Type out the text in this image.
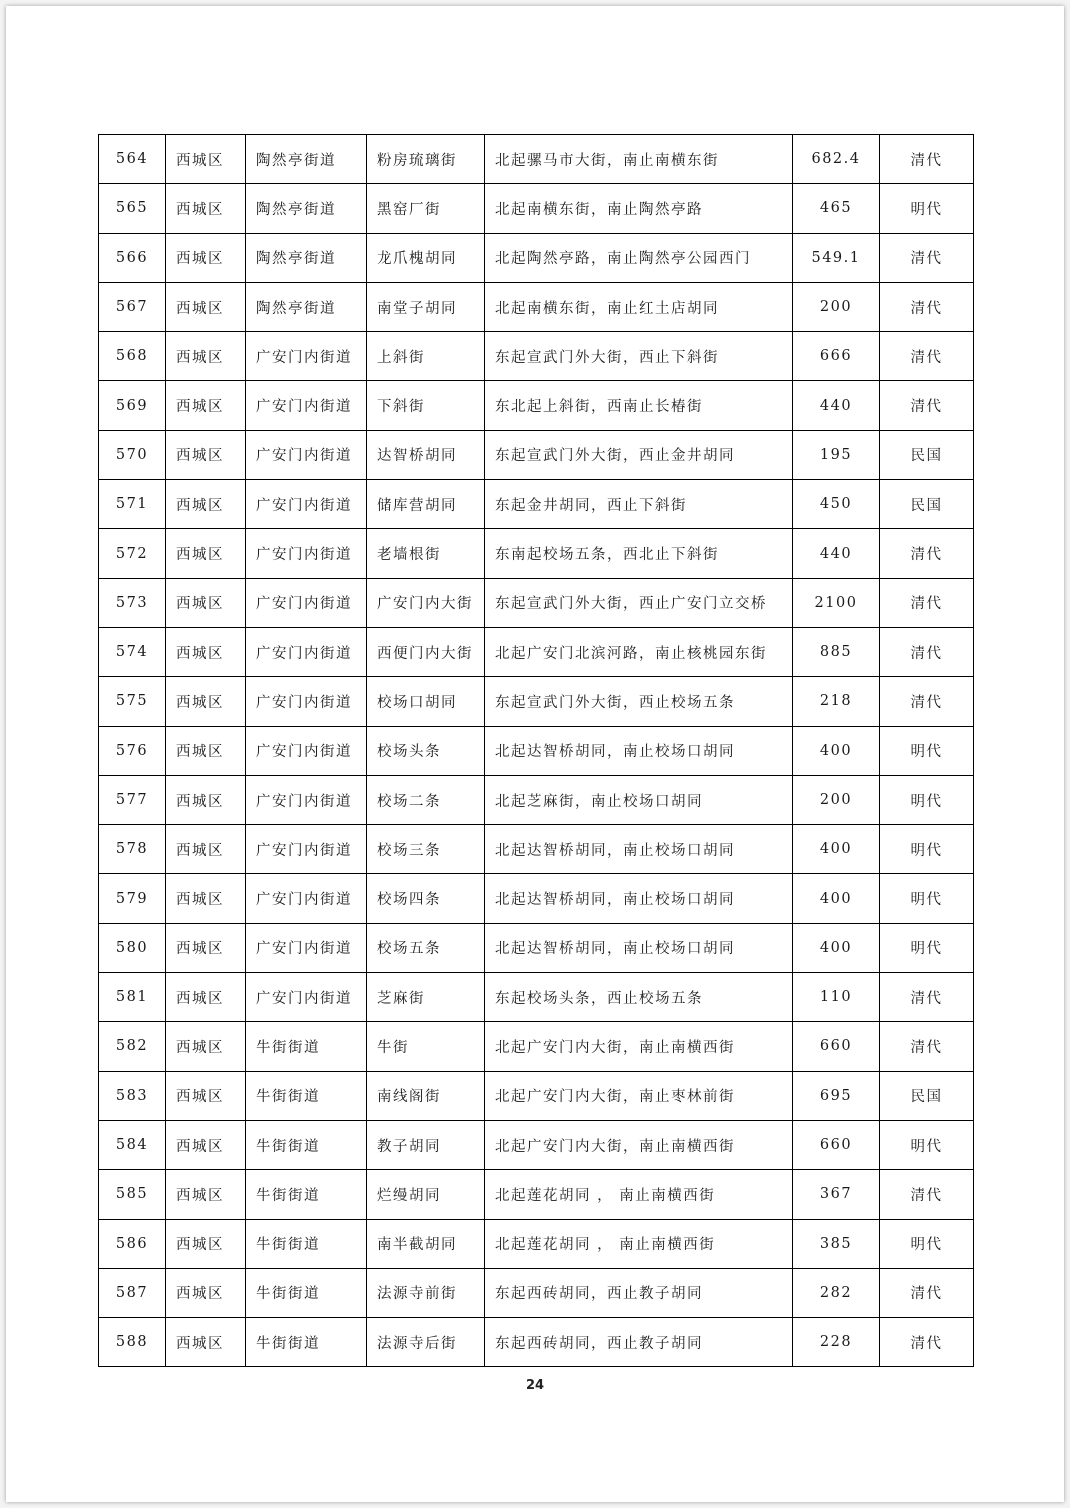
564	西城区	陶然亭街道	粉房琉璃街	北起骡马市大街，南止南横东街	682.4	清代
565	西城区	陶然亭街道	黑窑厂街	北起南横东街，南止陶然亭路	465	明代
566	西城区	陶然亭街道	龙爪槐胡同	北起陶然亭路，南止陶然亭公园西门	549.1	清代
567	西城区	陶然亭街道	南堂子胡同	北起南横东街，南止红土店胡同	200	清代
568	西城区	广安门内街道	上斜街	东起宣武门外大街，西止下斜街	666	清代
569	西城区	广安门内街道	下斜街	东北起上斜街，西南止长椿街	440	清代
570	西城区	广安门内街道	达智桥胡同	东起宣武门外大街，西止金井胡同	195	民国
571	西城区	广安门内街道	储库营胡同	东起金井胡同，西止下斜街	450	民国
572	西城区	广安门内街道	老墙根街	东南起校场五条，西北止下斜街	440	清代
573	西城区	广安门内街道	广安门内大街	东起宣武门外大街，西止广安门立交桥	2100	清代
574	西城区	广安门内街道	西便门内大街	北起广安门北滨河路，南止核桃园东街	885	清代
575	西城区	广安门内街道	校场口胡同	东起宣武门外大街，西止校场五条	218	清代
576	西城区	广安门内街道	校场头条	北起达智桥胡同，南止校场口胡同	400	明代
577	西城区	广安门内街道	校场二条	北起芝麻街，南止校场口胡同	200	明代
578	西城区	广安门内街道	校场三条	北起达智桥胡同，南止校场口胡同	400	明代
579	西城区	广安门内街道	校场四条	北起达智桥胡同，南止校场口胡同	400	明代
580	西城区	广安门内街道	校场五条	北起达智桥胡同，南止校场口胡同	400	明代
581	西城区	广安门内街道	芝麻街	东起校场头条，西止校场五条	110	清代
582	西城区	牛街街道	牛街	北起广安门内大街，南止南横西街	660	清代
583	西城区	牛街街道	南线阁街	北起广安门内大街，南止枣林前街	695	民国
584	西城区	牛街街道	教子胡同	北起广安门内大街，南止南横西街	660	明代
585	西城区	牛街街道	烂缦胡同	北起莲花胡同 ， 南止南横西街	367	清代
586	西城区	牛街街道	南半截胡同	北起莲花胡同 ， 南止南横西街	385	明代
587	西城区	牛街街道	法源寺前街	东起西砖胡同，西止教子胡同	282	清代
588	西城区	牛街街道	法源寺后街	东起西砖胡同，西止教子胡同	228	清代
24
